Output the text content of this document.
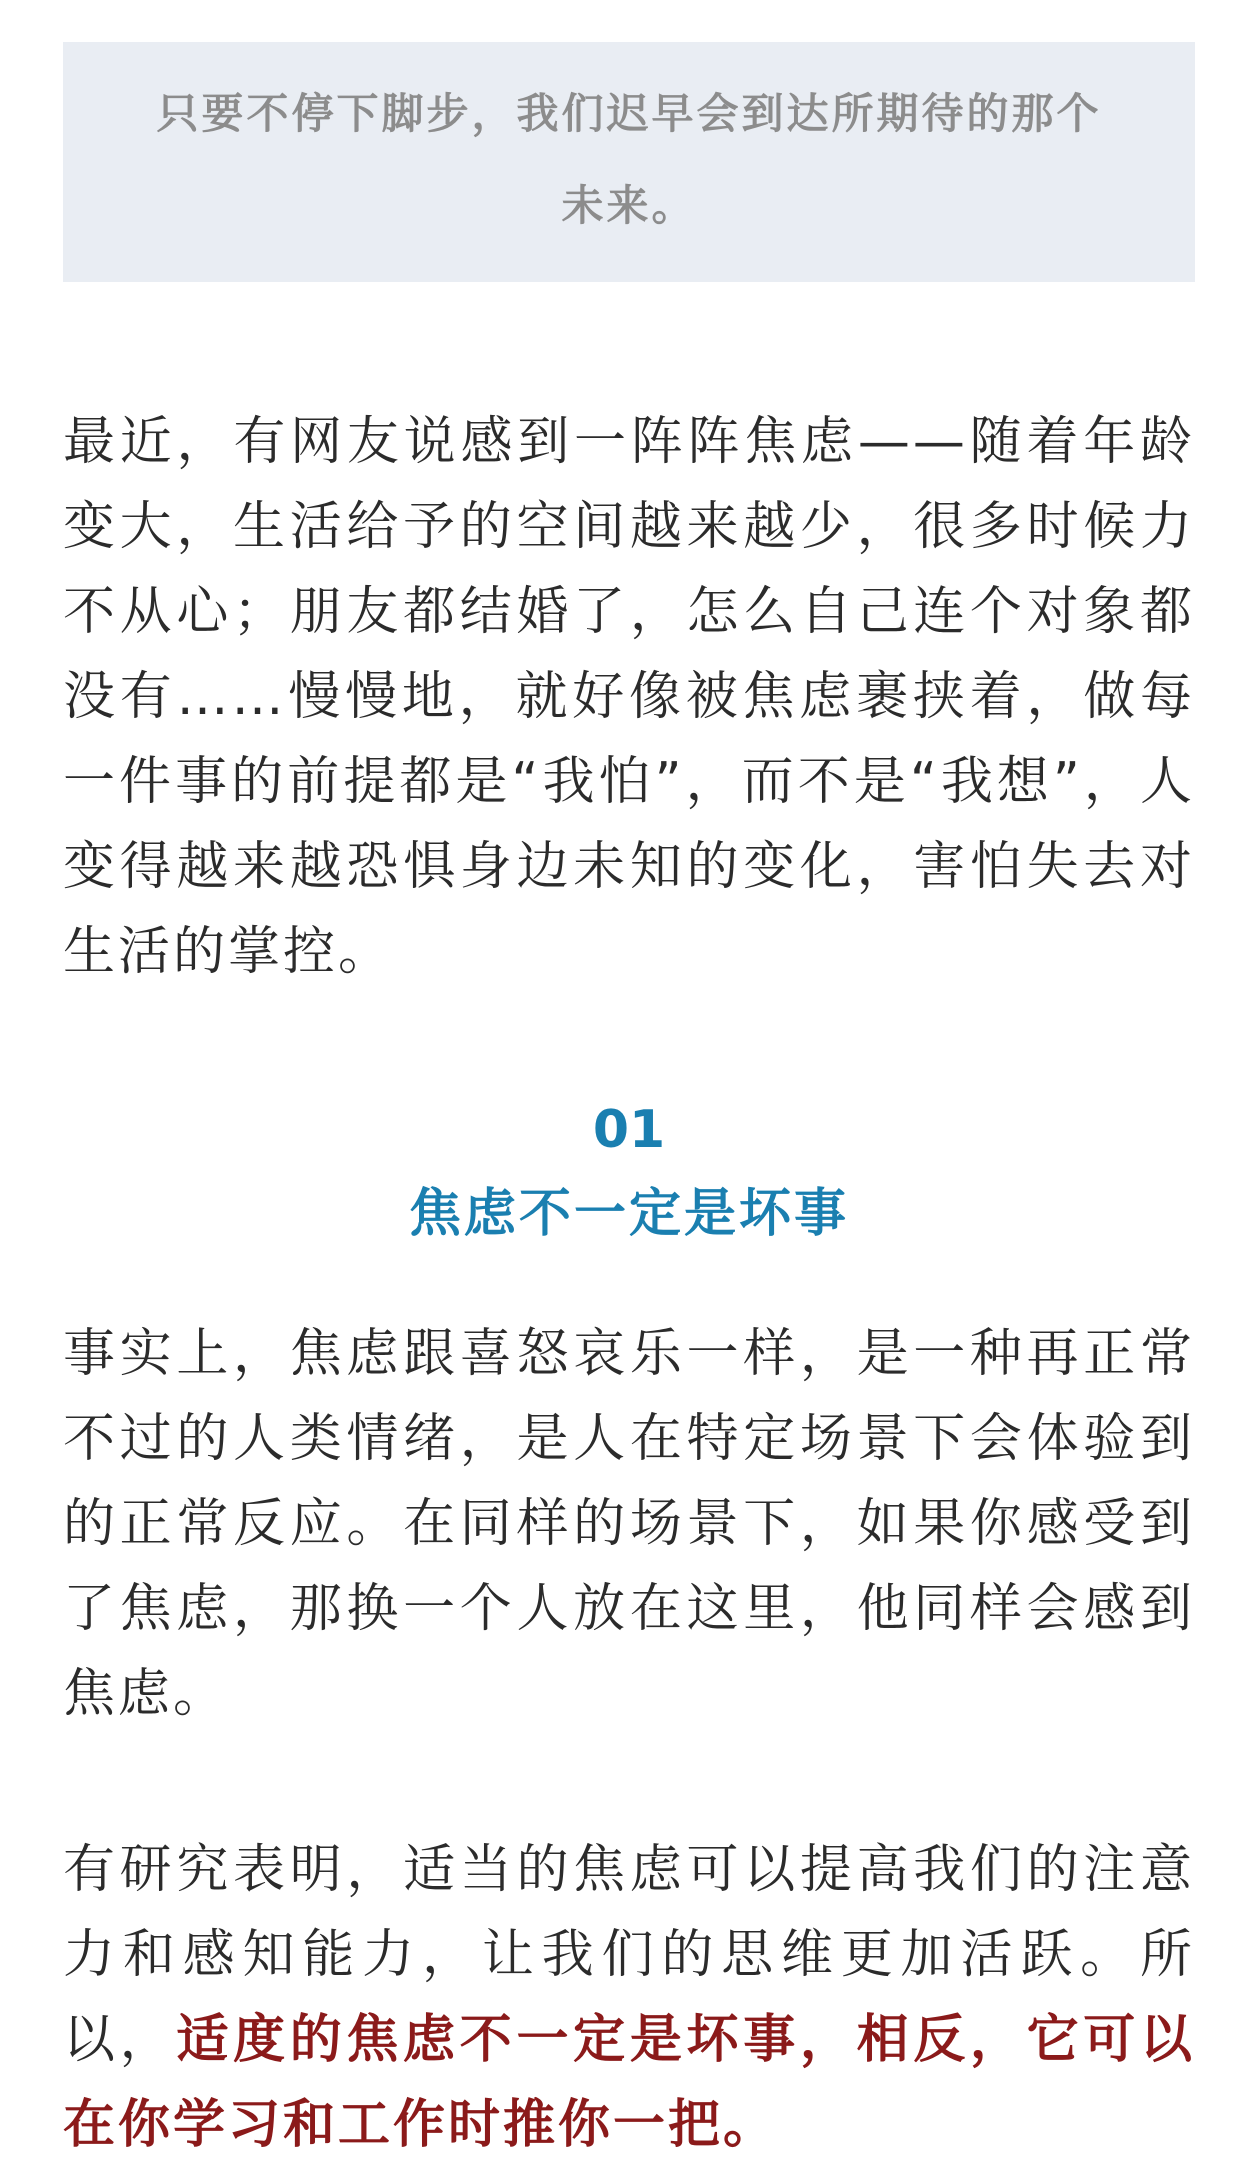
只要不停下脚步，我们迟早会到达所期待的那个未来。

最近，有网友说感到一阵阵焦虑——随着年龄变大，生活给予的空间越来越少，很多时候力不从心；朋友都结婚了，怎么自己连个对象都没有……慢慢地，就好像被焦虑裹挟着，做每一件事的前提都是“我怕”，而不是“我想”，人变得越来越恐惧身边未知的变化，害怕失去对生活的掌控。

01
焦虑不一定是坏事

事实上，焦虑跟喜怒哀乐一样，是一种再正常不过的人类情绪，是人在特定场景下会体验到的正常反应。在同样的场景下，如果你感受到了焦虑，那换一个人放在这里，他同样会感到焦虑。

有研究表明，适当的焦虑可以提高我们的注意力和感知能力，让我们的思维更加活跃。所以，适度的焦虑不一定是坏事，相反，它可以在你学习和工作时推你一把。
